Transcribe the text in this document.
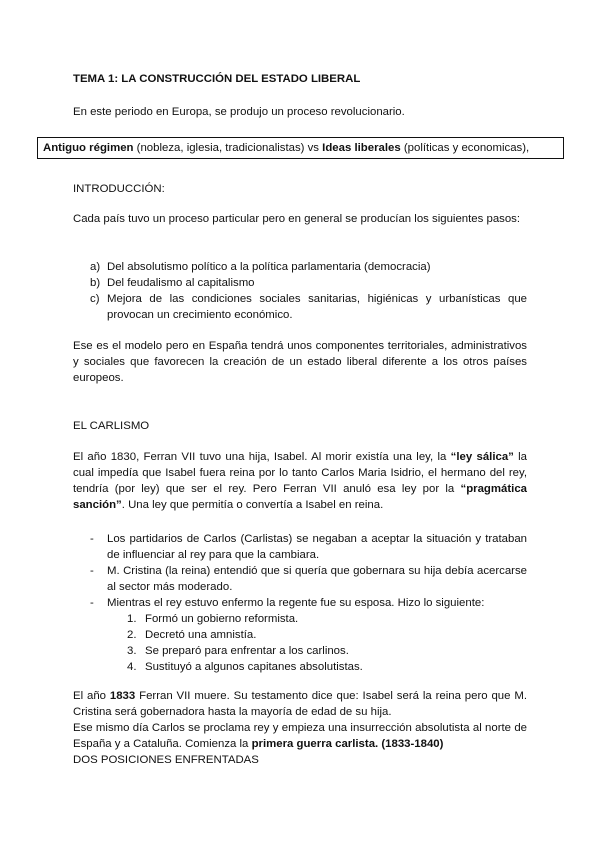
TEMA 1: LA CONSTRUCCIÓN DEL ESTADO LIBERAL
En este periodo en Europa, se produjo un proceso revolucionario.
Antiguo régimen (nobleza, iglesia, tradicionalistas) vs Ideas liberales (políticas y economicas),
INTRODUCCIÓN:
Cada país tuvo un proceso particular pero en general se producían los siguientes pasos:
a) Del absolutismo político a la política parlamentaria (democracia)
b) Del feudalismo al capitalismo
c) Mejora de las condiciones sociales sanitarias, higiénicas y urbanísticas que provocan un crecimiento económico.
Ese es el modelo pero en España tendrá unos componentes territoriales, administrativos y sociales que favorecen la creación de un estado liberal diferente a los otros países europeos.
EL CARLISMO
El año 1830, Ferran VII tuvo una hija, Isabel. Al morir existía una ley, la “ley sálica” la cual impedía que Isabel fuera reina por lo tanto Carlos Maria Isidrio, el hermano del rey, tendría (por ley) que ser el rey. Pero Ferran VII anuló esa ley por la “pragmática sanción”. Una ley que permitía o convertía a Isabel en reina.
- Los partidarios de Carlos (Carlistas) se negaban a aceptar la situación y trataban de influenciar al rey para que la cambiara.
- M. Cristina (la reina) entendió que si quería que gobernara su hija debía acercarse al sector más moderado.
- Mientras el rey estuvo enfermo la regente fue su esposa. Hizo lo siguiente:
1. Formó un gobierno reformista.
2. Decretó una amnistía.
3. Se preparó para enfrentar a los carlinos.
4. Sustituyó a algunos capitanes absolutistas.
El año 1833 Ferran VII muere. Su testamento dice que: Isabel será la reina pero que M. Cristina será gobernadora hasta la mayoría de edad de su hija.
Ese mismo día Carlos se proclama rey y empieza una insurrección absolutista al norte de España y a Cataluña. Comienza la primera guerra carlista. (1833-1840)
DOS POSICIONES ENFRENTADAS
